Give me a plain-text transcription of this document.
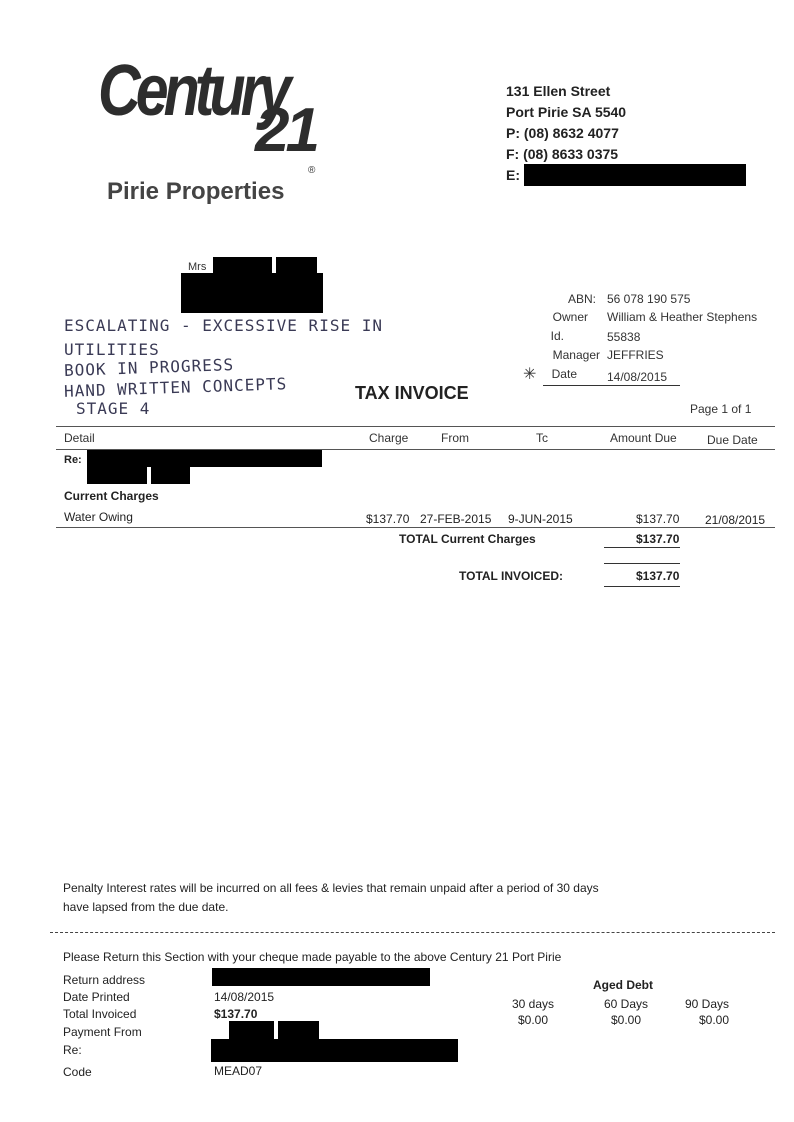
Century
21
®
Pirie Properties
131 Ellen Street
Port Pirie SA 5540
P: (08) 8632 4077
F: (08) 8633 0375
E:
Mrs
ESCALATING - EXCESSIVE RISE IN
UTILITIES
BOOK IN PROGRESS
HAND WRITTEN CONCEPTS
STAGE 4
TAX INVOICE
ABN: 56 078 190 575
Owner William & Heather Stephens
Id.	55838
Manager JEFFRIES
✳	Date	14/08/2015
Page 1 of 1
Detail	Charge	From	Tc	Amount Due	Due Date
Re:
Current Charges
Water Owing	$137.70 27-FEB-2015 9-JUN-2015	$137.70 21/08/2015
TOTAL Current Charges	$137.70
TOTAL INVOICED:	$137.70
Penalty Interest rates will be incurred on all fees & levies that remain unpaid after a period of 30 days
have lapsed from the due date.
Please Return this Section with your cheque made payable to the above Century 21 Port Pirie
Return address
Date Printed	14/08/2015
Total Invoiced	$137.70
Payment From
Re:
Code	MEAD07
Aged Debt
30 days
$0.00
60 Days
$0.00
90 Days
$0.00
